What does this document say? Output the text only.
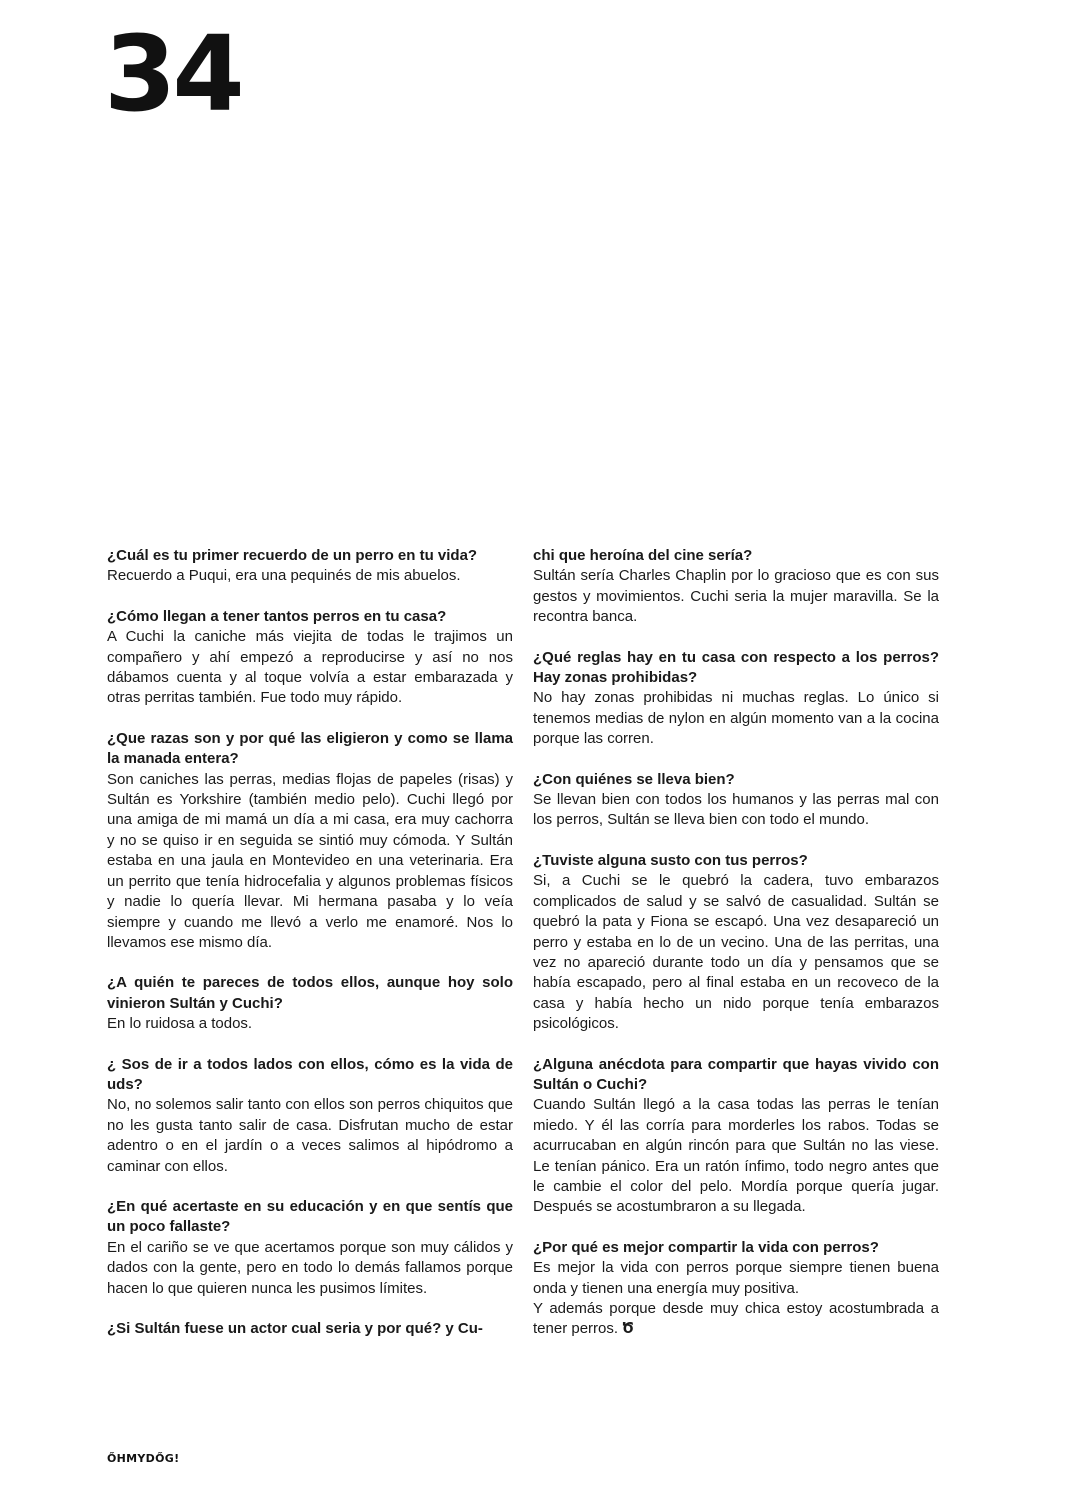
34
¿Cuál es tu primer recuerdo de un perro en tu vida?

Recuerdo a Puqui, era una pequinés de mis abuelos.

¿Cómo llegan a tener tantos perros en tu casa?

A Cuchi la caniche más viejita de todas le trajimos un compañero y ahí empezó a reproducirse y así no nos dábamos cuenta y al toque volvía a estar embarazada y otras perritas también. Fue todo muy rápido.

¿Que razas son y por qué las eligieron y como se llama la manada entera?

Son caniches las perras, medias flojas de papeles (risas) y Sultán es Yorkshire (también medio pelo). Cuchi llegó por una amiga de mi mamá un día a mi casa, era muy cachorra y no se quiso ir en seguida se sintió muy cómoda. Y Sultán estaba en una jaula en Montevideo en una veterinaria. Era un perrito que tenía hidrocefalia y algunos problemas físicos y nadie lo quería llevar. Mi hermana pasaba y lo veía siempre y cuando me llevó a verlo me enamoré. Nos lo llevamos ese mismo día.

¿A quién te pareces de todos ellos, aunque hoy solo vinieron Sultán y Cuchi?

En lo ruidosa a todos.

¿ Sos de ir a todos lados con ellos, cómo es la vida de uds?

No, no solemos salir tanto con ellos son perros chiquitos que no les gusta tanto salir de casa. Disfrutan mucho de estar adentro o en el jardín o a veces salimos al hipódromo a caminar con ellos.

¿En qué acertaste en su educación y en que sentís que un poco fallaste?

En el cariño se ve que acertamos porque son muy cálidos y dados con la gente, pero en todo lo demás fallamos porque hacen lo que quieren nunca les pusimos límites.

¿Si Sultán fuese un actor cual seria y por qué? y Cu-
chi que heroína del cine sería?

Sultán sería Charles Chaplin por lo gracioso que es con sus gestos y movimientos. Cuchi seria la mujer maravilla. Se la recontra banca.

¿Qué reglas hay en tu casa con respecto a los perros? Hay zonas prohibidas?

No hay zonas prohibidas ni muchas reglas. Lo único si tenemos medias de nylon en algún momento van a la cocina porque las corren.

¿Con quiénes se lleva bien?

Se llevan bien con todos los humanos y las perras mal con los perros, Sultán se lleva bien con todo el mundo.

¿Tuviste alguna susto con tus perros?

Si, a Cuchi se le quebró la cadera, tuvo embarazos complicados de salud y se salvó de casualidad. Sultán se quebró la pata y Fiona se escapó. Una vez desapareció un perro y estaba en lo de un vecino. Una de las perritas, una vez no apareció durante todo un día y pensamos que se había escapado, pero al final estaba en un recoveco de la casa y había hecho un nido porque tenía embarazos psicológicos.

¿Alguna anécdota para compartir que hayas vivido con Sultán o Cuchi?

Cuando Sultán llegó a la casa todas las perras le tenían miedo. Y él las corría para morderles los rabos. Todas se acurrucaban en algún rincón para que Sultán no las viese. Le tenían pánico. Era un ratón ínfimo, todo negro antes que le cambie el color del pelo. Mordía porque quería jugar. Después se acostumbraron a su llegada.

¿Por qué es mejor compartir la vida con perros?

Es mejor la vida con perros porque siempre tienen buena onda y tienen una energía muy positiva.

Y además porque desde muy chica estoy acostumbrada a tener perros. Ծ

ŐHMYDŐG!
